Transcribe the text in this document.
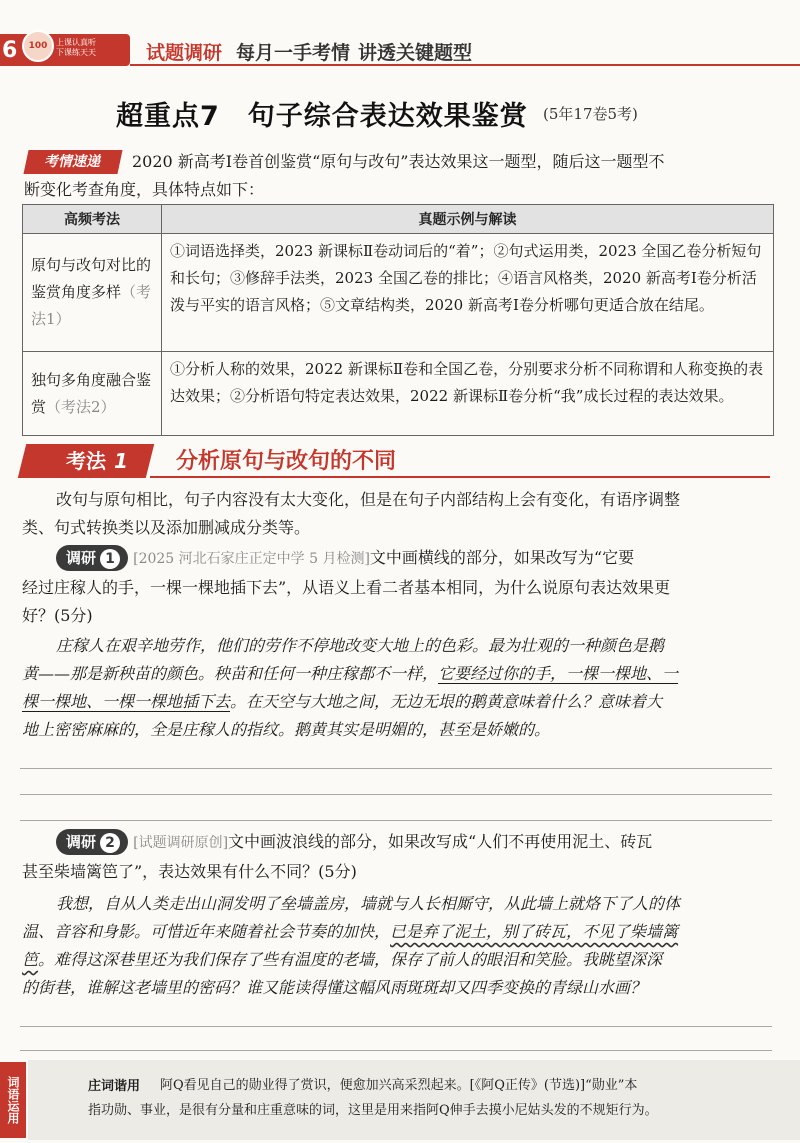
6	100	上课认真听
下课练天天	试题调研 每月一手考情 讲透关键题型
超重点7　句子综合表达效果鉴赏 (5年17卷5考)
考情速递	2020 新高考Ⅰ卷首创鉴赏“原句与改句”表达效果这一题型，随后这一题型不
断变化考查角度，具体特点如下：
高频考法	真题示例与解读
原句与改句对比的鉴赏角度多样（考法1）	①词语选择类，2023 新课标Ⅱ卷动词后的“着”；②句式运用类，2023 全国乙卷分析短句和长句；③修辞手法类，2023 全国乙卷的排比；④语言风格类，2020 新高考Ⅰ卷分析活泼与平实的语言风格；⑤文章结构类，2020 新高考Ⅰ卷分析哪句更适合放在结尾。
独句多角度融合鉴赏（考法2）	①分析人称的效果，2022 新课标Ⅱ卷和全国乙卷，分别要求分析不同称谓和人称变换的表达效果；②分析语句特定表达效果，2022 新课标Ⅱ卷分析“我”成长过程的表达效果。
考法 1 分析原句与改句的不同
改句与原句相比，句子内容没有太大变化，但是在句子内部结构上会有变化，有语序调整
类、句式转换类以及添加删减成分类等。
调研 1 [2025 河北石家庄正定中学 5 月检测]文中画横线的部分，如果改写为“它要
经过庄稼人的手，一棵一棵地插下去”，从语义上看二者基本相同，为什么说原句表达效果更
好？(5分)
庄稼人在艰辛地劳作，他们的劳作不停地改变大地上的色彩。最为壮观的一种颜色是鹅
黄——那是新秧苗的颜色。秧苗和任何一种庄稼都不一样，它要经过你的手，一棵一棵地、一
棵一棵地、一棵一棵地插下去。在天空与大地之间，无边无垠的鹅黄意味着什么？意味着大
地上密密麻麻的，全是庄稼人的指纹。鹅黄其实是明媚的，甚至是娇嫩的。
调研 2 [试题调研原创]文中画波浪线的部分，如果改写成“人们不再使用泥土、砖瓦
甚至柴墙篱笆了”，表达效果有什么不同？(5分)
我想，自从人类走出山洞发明了垒墙盖房，墙就与人长相厮守，从此墙上就烙下了人的体
温、音容和身影。可惜近年来随着社会节奏的加快，已是弃了泥土，别了砖瓦，不见了柴墙篱
笆。难得这深巷里还为我们保存了些有温度的老墙，保存了前人的眼泪和笑脸。我眺望深深
的街巷，谁解这老墙里的密码？谁又能读得懂这幅风雨斑斑却又四季变换的青绿山水画？
词语运用	庄词谐用 阿Q看见自己的勋业得了赏识，便愈加兴高采烈起来。[《阿Q正传》(节选)]“勋业”本
指功勋、事业，是很有分量和庄重意味的词，这里是用来指阿Q伸手去摸小尼姑头发的不规矩行为。
